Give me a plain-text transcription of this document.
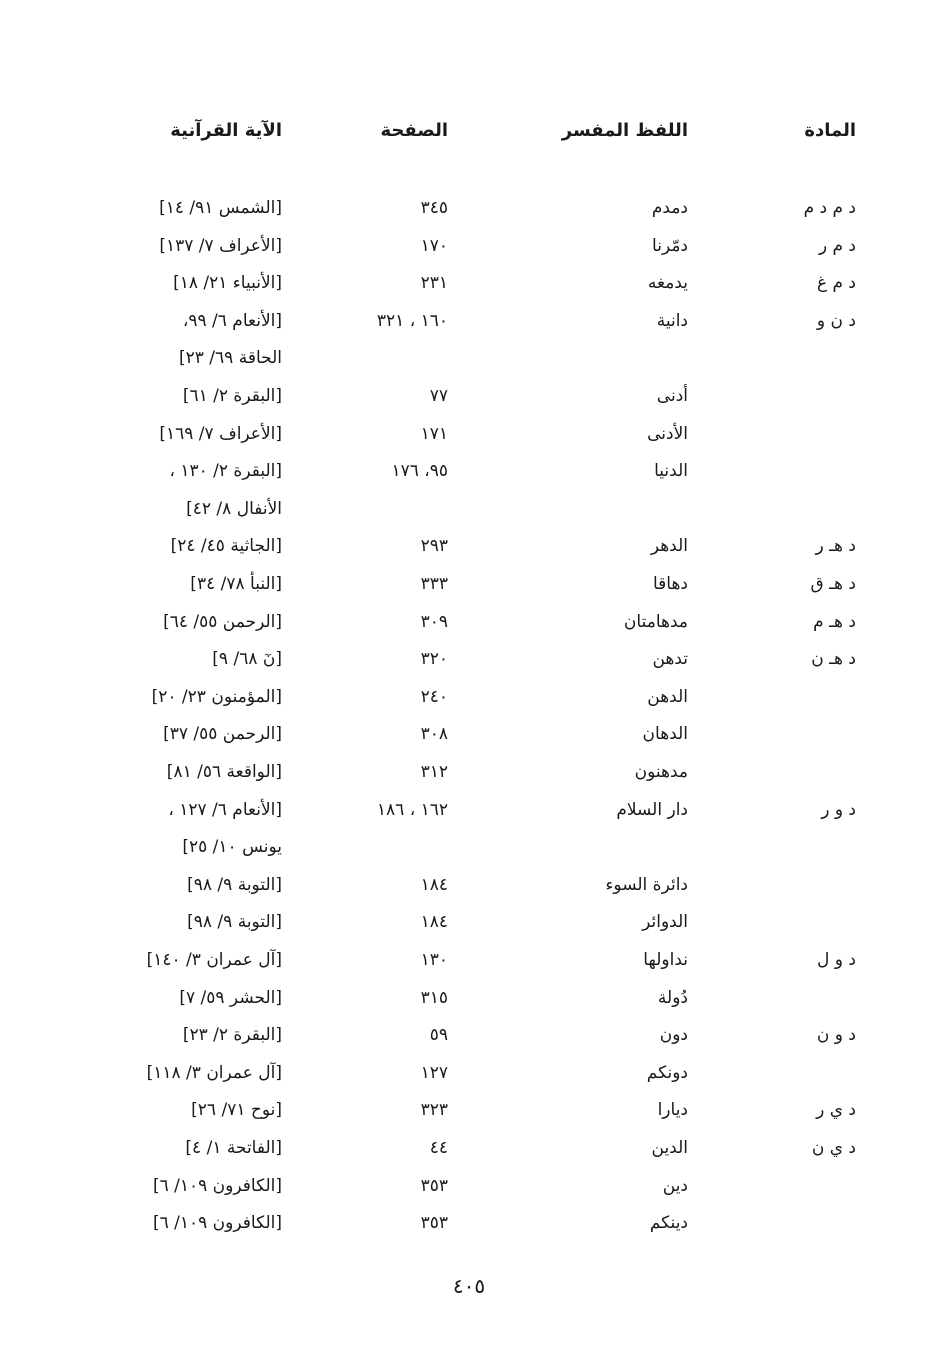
المادة
اللفظ المفسر
الصفحة
الآية القرآنية
د م د م
دمدم
٣٤٥
[الشمس ٩١/ ١٤]
د م ر
دمّرنا
١٧٠
[الأعراف ٧/ ١٣٧]
د م غ
يدمغه
٢٣١
[الأنبياء ٢١/ ١٨]
د ن و
دانية
١٦٠ ، ٣٢١
[الأنعام ٦/ ٩٩،
الحاقة ٦٩/ ٢٣]
أدنى
٧٧
[البقرة ٢/ ٦١]
الأدنى
١٧١
[الأعراف ٧/ ١٦٩]
الدنيا
٩٥، ١٧٦
[البقرة ٢/ ١٣٠ ،
الأنفال ٨/ ٤٢]
د هـ ر
الدهر
٢٩٣
[الجاثية ٤٥/ ٢٤]
د هـ ق
دهاقا
٣٣٣
[النبأ ٧٨/ ٣٤]
د هـ م
مدهامتان
٣٠٩
[الرحمن ٥٥/ ٦٤]
د هـ ن
تدهن
٣٢٠
[نٓ ٦٨/ ٩]
الدهن
٢٤٠
[المؤمنون ٢٣/ ٢٠]
الدهان
٣٠٨
[الرحمن ٥٥/ ٣٧]
مدهنون
٣١٢
[الواقعة ٥٦/ ٨١]
د و ر
دار السلام
١٦٢ ، ١٨٦
[الأنعام ٦/ ١٢٧ ،
يونس ١٠/ ٢٥]
دائرة السوء
١٨٤
[التوبة ٩/ ٩٨]
الدوائر
١٨٤
[التوبة ٩/ ٩٨]
د و ل
نداولها
١٣٠
[آل عمران ٣/ ١٤٠]
دُولة
٣١٥
[الحشر ٥٩/ ٧]
د و ن
دون
٥٩
[البقرة ٢/ ٢٣]
دونكم
١٢٧
[آل عمران ٣/ ١١٨]
د ي ر
ديارا
٣٢٣
[نوح ٧١/ ٢٦]
د ي ن
الدين
٤٤
[الفاتحة ١/ ٤]
دين
٣٥٣
[الكافرون ١٠٩/ ٦]
دينكم
٣٥٣
[الكافرون ١٠٩/ ٦]
٤٠٥
